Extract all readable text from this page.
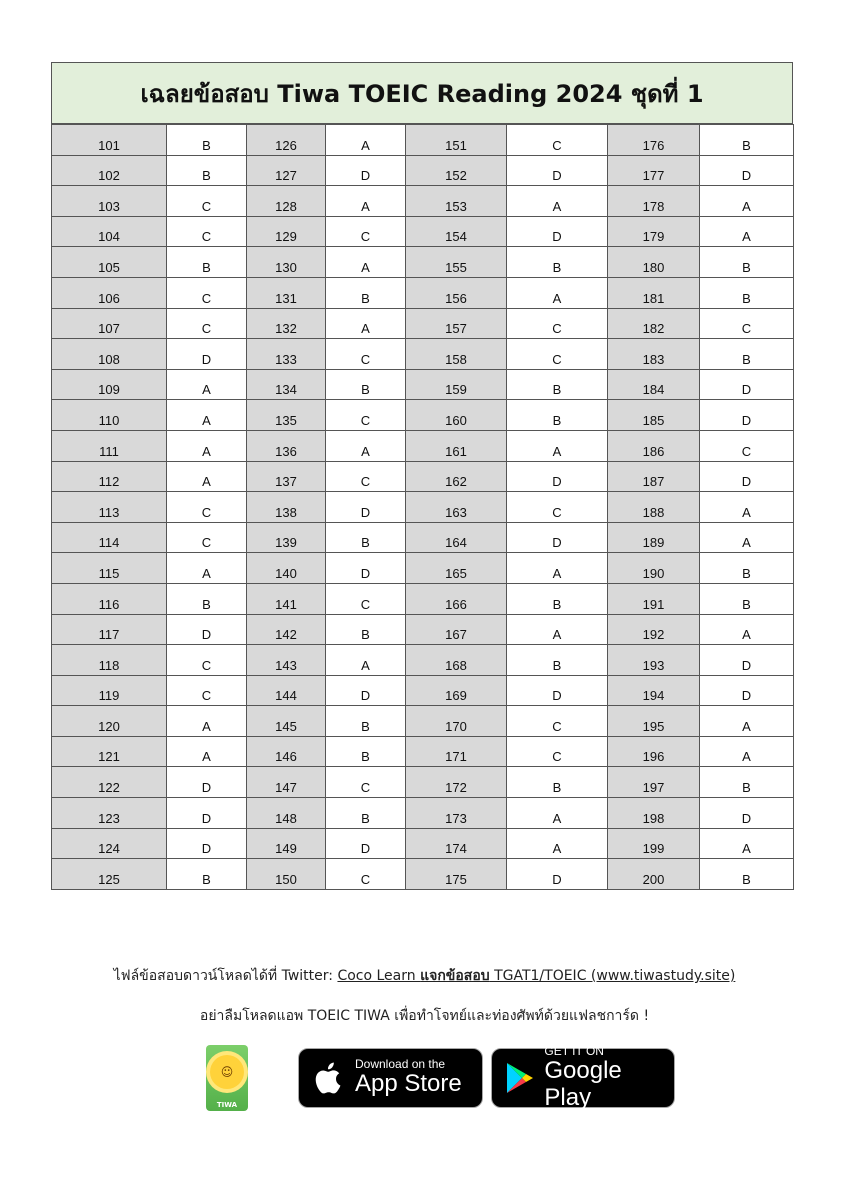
เฉลยข้อสอบ Tiwa TOEIC Reading 2024 ชุดที่ 1
101	B	126	A	151	C	176	B
102	B	127	D	152	D	177	D
103	C	128	A	153	A	178	A
104	C	129	C	154	D	179	A
105	B	130	A	155	B	180	B
106	C	131	B	156	A	181	B
107	C	132	A	157	C	182	C
108	D	133	C	158	C	183	B
109	A	134	B	159	B	184	D
110	A	135	C	160	B	185	D
111	A	136	A	161	A	186	C
112	A	137	C	162	D	187	D
113	C	138	D	163	C	188	A
114	C	139	B	164	D	189	A
115	A	140	D	165	A	190	B
116	B	141	C	166	B	191	B
117	D	142	B	167	A	192	A
118	C	143	A	168	B	193	D
119	C	144	D	169	D	194	D
120	A	145	B	170	C	195	A
121	A	146	B	171	C	196	A
122	D	147	C	172	B	197	B
123	D	148	B	173	A	198	D
124	D	149	D	174	A	199	A
125	B	150	C	175	D	200	B
ไฟล์ข้อสอบดาวน์โหลดได้ที่ Twitter: Coco Learn แจกข้อสอบ TGAT1/TOEIC (www.tiwastudy.site)
อย่าลืมโหลดแอพ TOEIC TIWA เพื่อทำโจทย์และท่องศัพท์ด้วยแฟลชการ์ด !
☺
TIWA
Download on the
App Store
GET IT ON
Google Play
